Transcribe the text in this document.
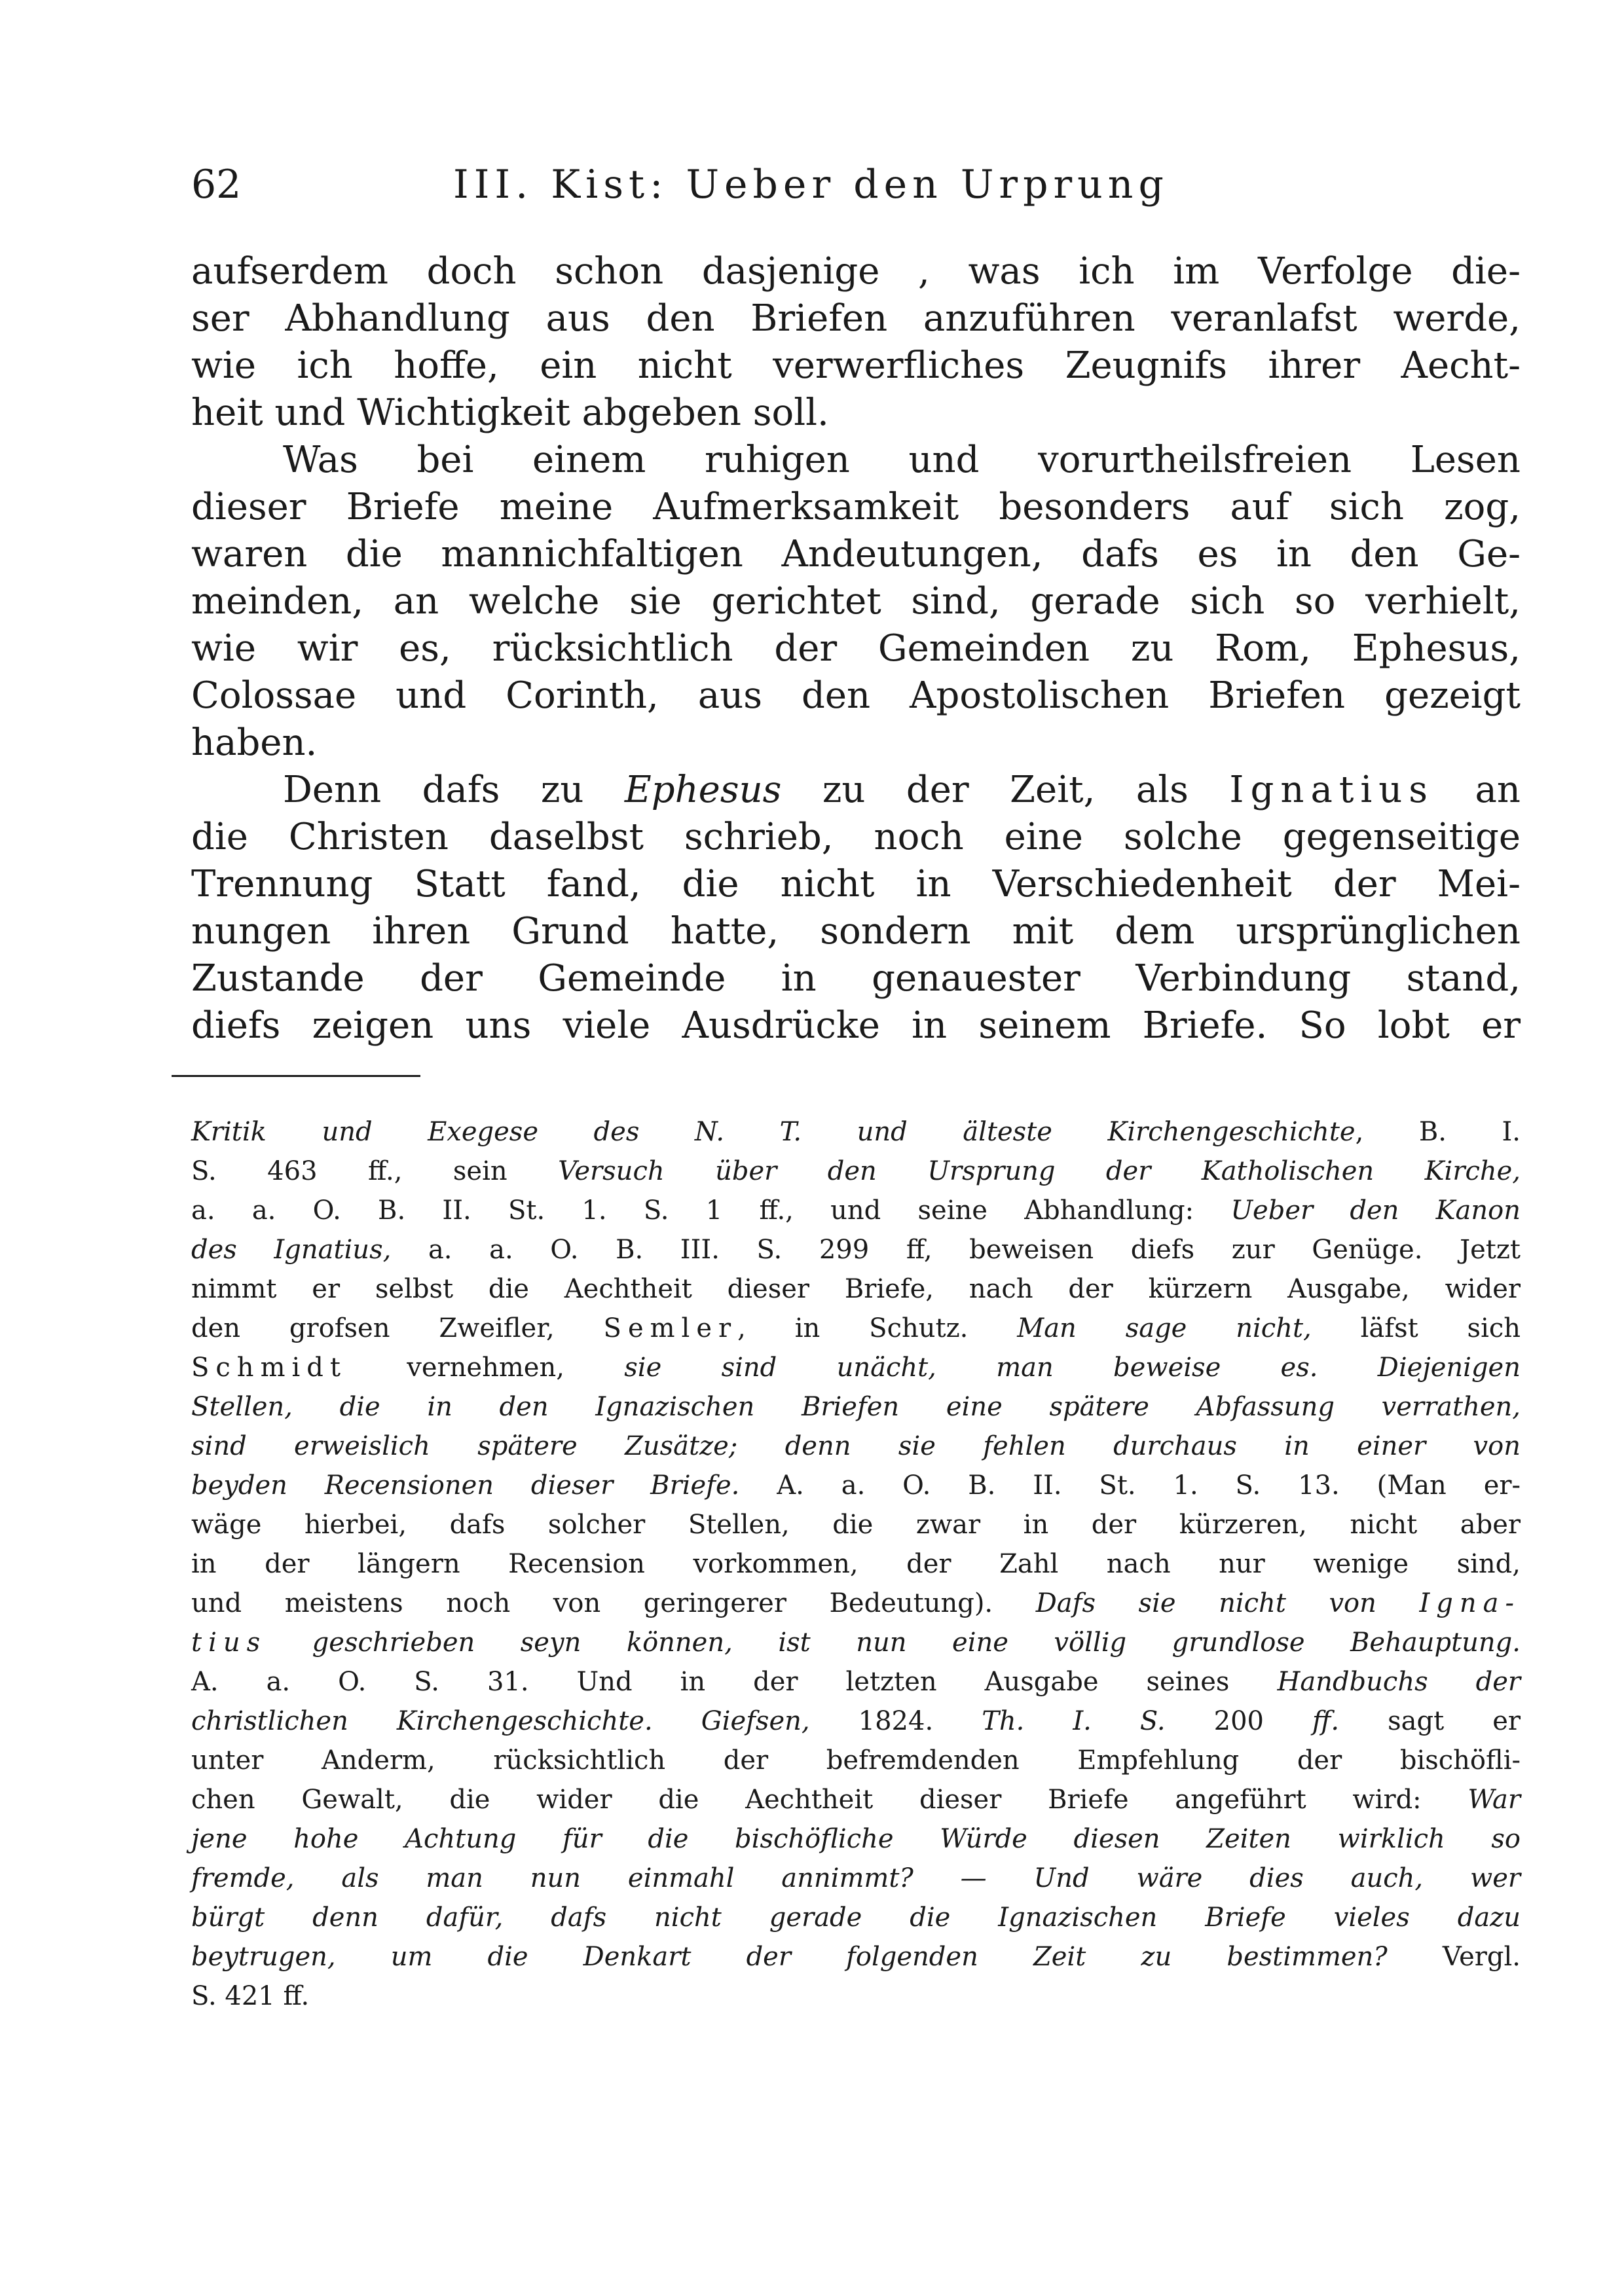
62	III. Kist: Ueber den Urprung
aufserdem doch schon dasjenige , was ich im Verfolge die-
ser Abhandlung aus den Briefen anzuführen veranlafst werde,
wie ich hoffe, ein nicht verwerfliches Zeugnifs ihrer Aecht-
heit und Wichtigkeit abgeben soll.
Was bei einem ruhigen und vorurtheilsfreien Lesen
dieser Briefe meine Aufmerksamkeit besonders auf sich zog,
waren die mannichfaltigen Andeutungen, dafs es in den Ge-
meinden, an welche sie gerichtet sind, gerade sich so verhielt,
wie wir es, rücksichtlich der Gemeinden zu Rom, Ephesus,
Colossae und Corinth, aus den Apostolischen Briefen gezeigt
haben.
Denn dafs zu Ephesus zu der Zeit, als Ignatius an
die Christen daselbst schrieb, noch eine solche gegenseitige
Trennung Statt fand, die nicht in Verschiedenheit der Mei-
nungen ihren Grund hatte, sondern mit dem ursprünglichen
Zustande der Gemeinde in genauester Verbindung stand,
diefs zeigen uns viele Ausdrücke in seinem Briefe. So lobt er
Kritik und Exegese des N. T. und älteste Kirchengeschichte, B. I.
S. 463 ff., sein Versuch über den Ursprung der Katholischen Kirche,
a. a. O. B. II. St. 1. S. 1 ff., und seine Abhandlung: Ueber den Kanon
des Ignatius, a. a. O. B. III. S. 299 ff, beweisen diefs zur Genüge. Jetzt
nimmt er selbst die Aechtheit dieser Briefe, nach der kürzern Ausgabe, wider
den grofsen Zweifler, Semler, in Schutz. Man sage nicht, läfst sich
Schmidt vernehmen, sie sind unächt, man beweise es. Diejenigen
Stellen, die in den Ignazischen Briefen eine spätere Abfassung verrathen,
sind erweislich spätere Zusätze; denn sie fehlen durchaus in einer von
beyden Recensionen dieser Briefe. A. a. O. B. II. St. 1. S. 13. (Man er-
wäge hierbei, dafs solcher Stellen, die zwar in der kürzeren, nicht aber
in der längern Recension vorkommen, der Zahl nach nur wenige sind,
und meistens noch von geringerer Bedeutung). Dafs sie nicht von Igna-
tius geschrieben seyn können, ist nun eine völlig grundlose Behauptung.
A. a. O. S. 31. Und in der letzten Ausgabe seines Handbuchs der
christlichen Kirchengeschichte. Giefsen, 1824. Th. I. S. 200 ff. sagt er
unter Anderm, rücksichtlich der befremdenden Empfehlung der bischöfli-
chen Gewalt, die wider die Aechtheit dieser Briefe angeführt wird: War
jene hohe Achtung für die bischöfliche Würde diesen Zeiten wirklich so
fremde, als man nun einmahl annimmt? — Und wäre dies auch, wer
bürgt denn dafür, dafs nicht gerade die Ignazischen Briefe vieles dazu
beytrugen, um die Denkart der folgenden Zeit zu bestimmen? Vergl.
S. 421 ff.
